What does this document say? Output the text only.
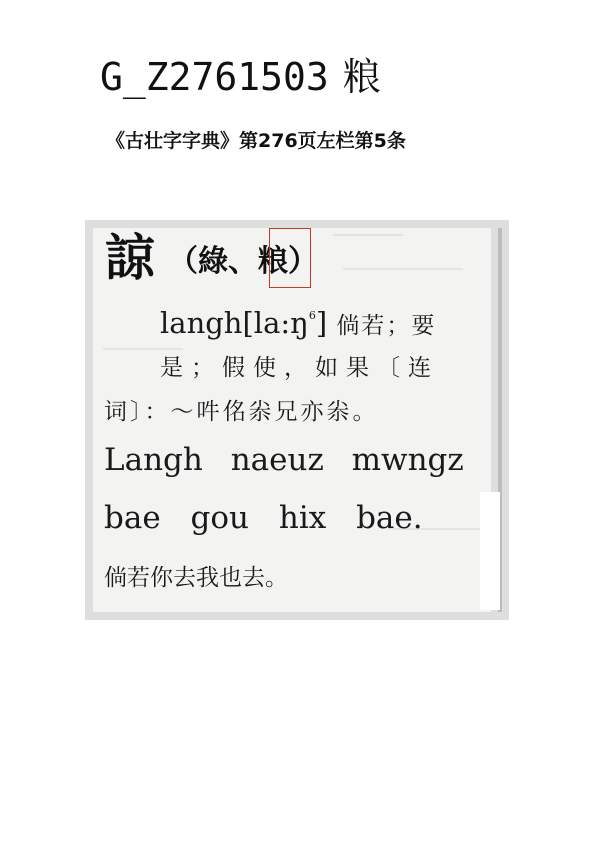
G_Z2761503 粮
《古壮字字典》第276页左栏第5条
諒 （綠、粮）
$langh[la:ŋ^6]$ 倘若；要
是；假使，如果〔连
词〕：～吽佲尜兄亦尜。
Langh naeuz mwngz
bae gou hix bae.
倘若你去我也去。
